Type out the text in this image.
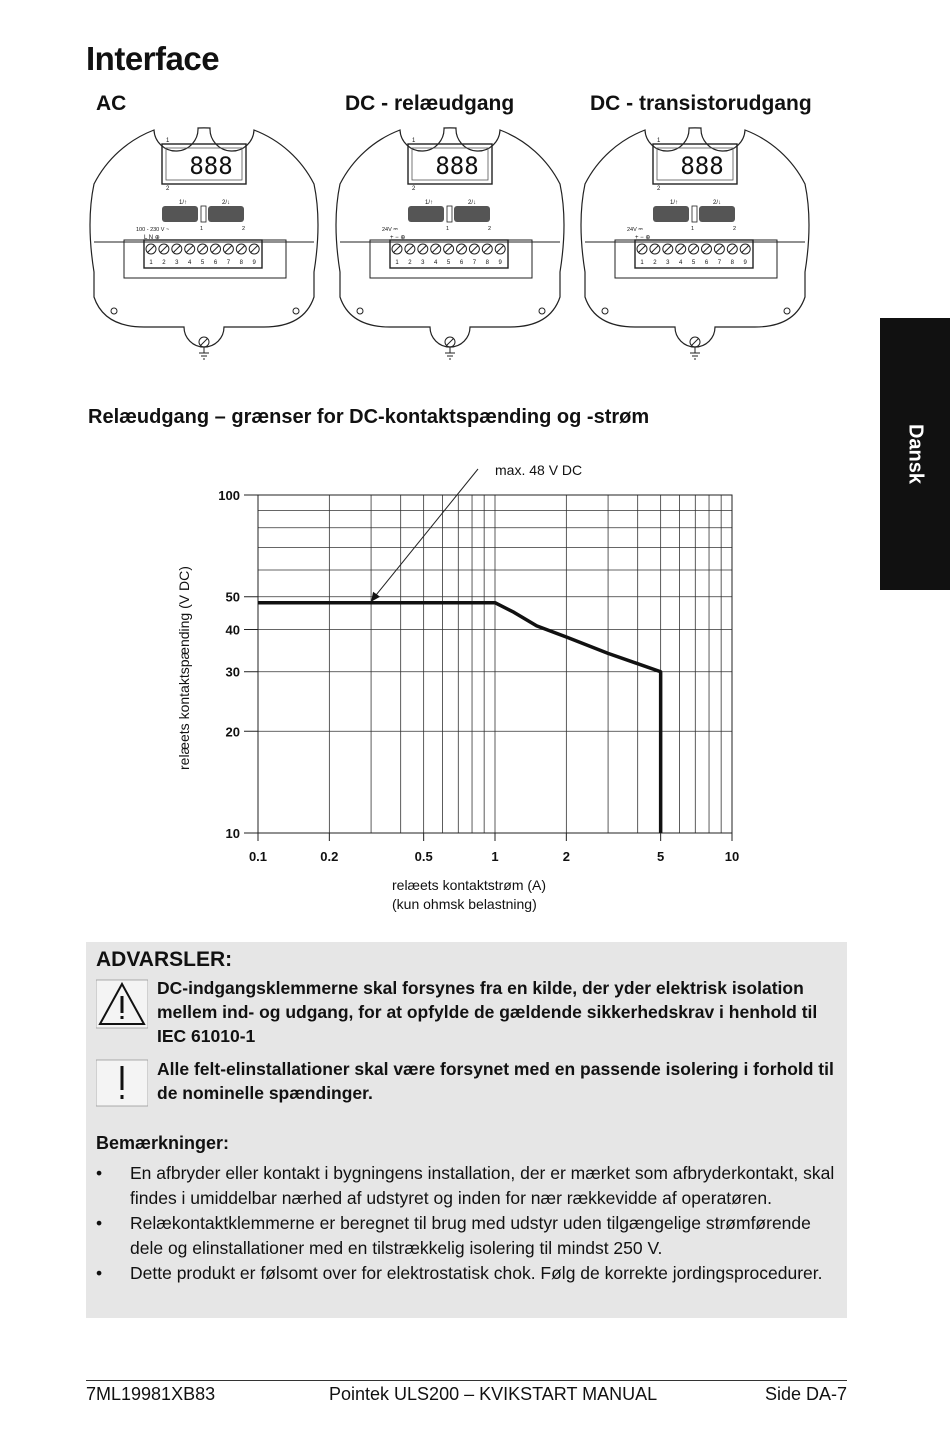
Interface
AC	DC - relæudgang	DC - transistorudgang
Dansk
888
1
2
1/↑	2/↓
100 - 230 V ~
L N ⊕
1	2
1 2 3 4 5 6 7 8 9
888
1
2
1/↑	2/↓
24V ⎓
+ − ⊕
1	2
1 2 3 4 5 6 7 8 9
888
1
2
1/↑	2/↓
24V ⎓
+ − ⊕
1	2
1 2 3 4 5 6 7 8 9
Relæudgang – grænser for DC-kontaktspænding og -strøm
0.1	0.2	0.5	1	2	5	10
10
20
30
40
50
100
max. 48 V DC
relæets kontaktstrøm (A)
(kun ohmsk belastning)
relæets kontaktspænding (V DC)
ADVARSLER:
DC-indgangsklemmerne skal forsynes fra en kilde, der yder elektrisk isolation mellem ind- og udgang, for at opfylde de gældende sikkerhedskrav i henhold til IEC 61010-1
Alle felt-elinstallationer skal være forsynet med en passende isolering i forhold til de nominelle spændinger.
Bemærkninger:
• En afbryder eller kontakt i bygningens installation, der er mærket som afbryderkontakt, skal findes i umiddelbar nærhed af udstyret og inden for nær rækkevidde af operatøren.
• Relækontaktklemmerne er beregnet til brug med udstyr uden tilgængelige strømførende dele og elinstallationer med en tilstrækkelig isolering til mindst 250 V.
• Dette produkt er følsomt over for elektrostatisk chok. Følg de korrekte jordingsprocedurer.
7ML19981XB83	Pointek ULS200 – KVIKSTART MANUAL	Side DA-7
